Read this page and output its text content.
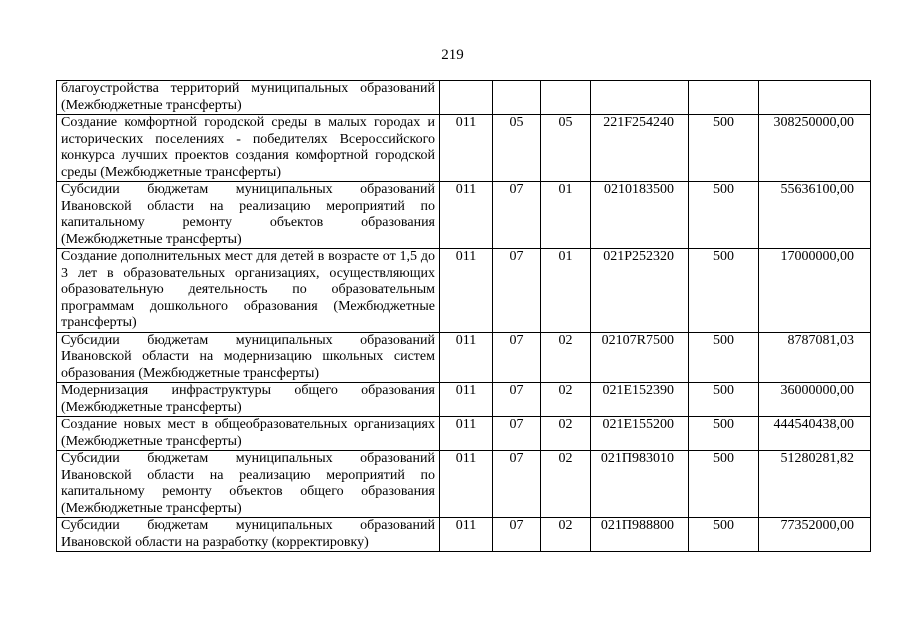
219
благоустройства территорий муниципальных образований (Межбюджетные трансферты)						
Создание комфортной городской среды в малых городах и исторических поселениях - победителях Всероссийского конкурса лучших проектов создания комфортной городской среды (Межбюджетные трансферты)	011	05	05	221F254240	500	308250000,00
Субсидии бюджетам муниципальных образований Ивановской области на реализацию мероприятий по капитальному ремонту объектов образования (Межбюджетные трансферты)	011	07	01	0210183500	500	55636100,00
Создание дополнительных мест для детей в возрасте от 1,5 до 3 лет в образовательных организациях, осуществляющих образовательную деятельность по образовательным программам дошкольного образования (Межбюджетные трансферты)	011	07	01	021P252320	500	17000000,00
Субсидии бюджетам муниципальных образований Ивановской области на модернизацию школьных систем образования (Межбюджетные трансферты)	011	07	02	02107R7500	500	8787081,03
Модернизация инфраструктуры общего образования (Межбюджетные трансферты)	011	07	02	021E152390	500	36000000,00
Создание новых мест в общеобразовательных организациях (Межбюджетные трансферты)	011	07	02	021E155200	500	444540438,00
Субсидии бюджетам муниципальных образований Ивановской области на реализацию мероприятий по капитальному ремонту объектов общего образования (Межбюджетные трансферты)	011	07	02	021П983010	500	51280281,82
Субсидии бюджетам муниципальных образований Ивановской области на разработку (корректировку)	011	07	02	021П988800	500	77352000,00
